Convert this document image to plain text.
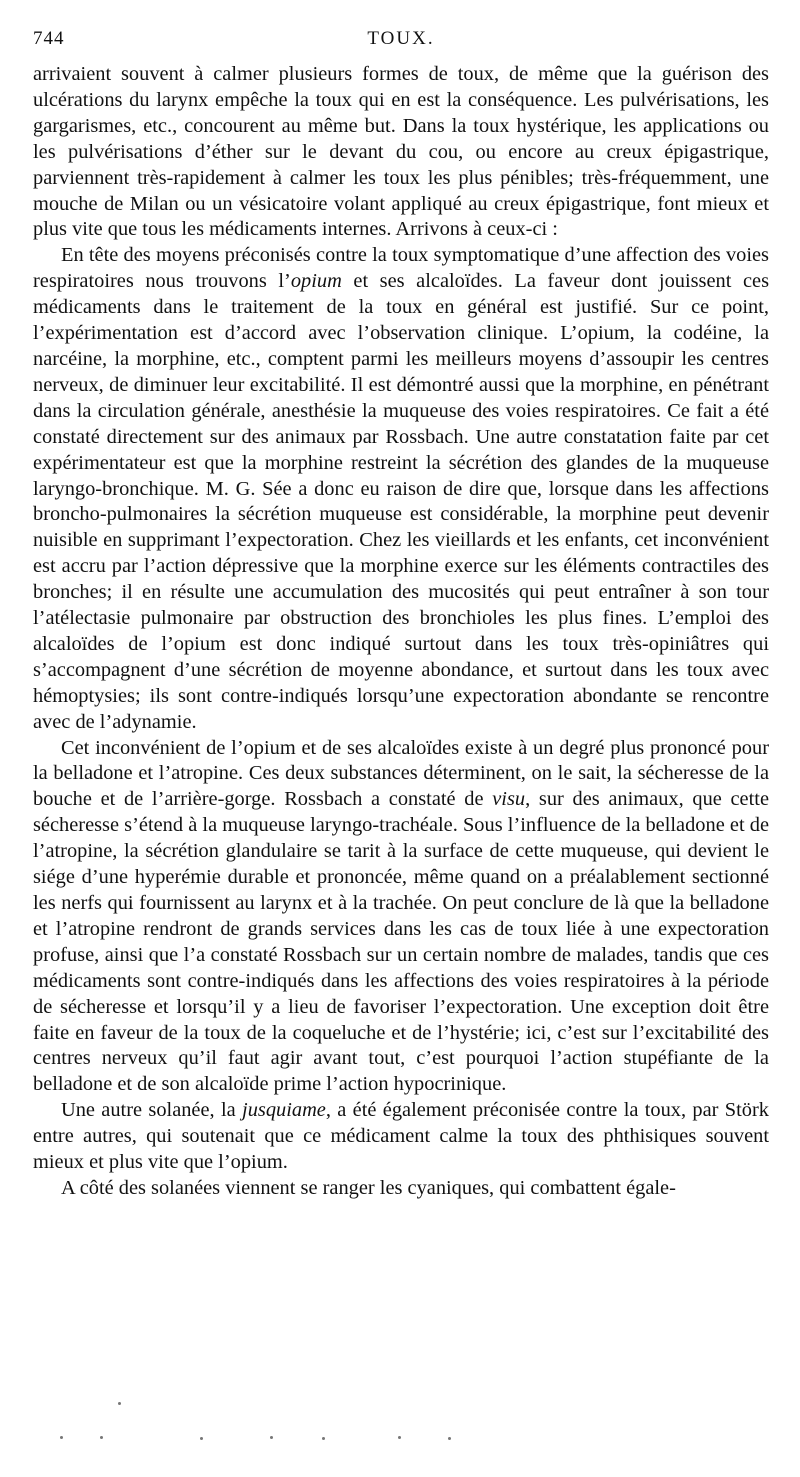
744	TOUX.

arrivaient souvent à calmer plusieurs formes de toux, de même que la guérison des ulcérations du larynx empêche la toux qui en est la conséquence. Les pulvérisations, les gargarismes, etc., concourent au même but. Dans la toux hystérique, les applications ou les pulvérisations d’éther sur le devant du cou, ou encore au creux épigastrique, parviennent très-rapidement à calmer les toux les plus pénibles; très-fréquemment, une mouche de Milan ou un vésicatoire volant appliqué au creux épigastrique, font mieux et plus vite que tous les médicaments internes. Arrivons à ceux-ci :

En tête des moyens préconisés contre la toux symptomatique d’une affection des voies respiratoires nous trouvons l’opium et ses alcaloïdes. La faveur dont jouissent ces médicaments dans le traitement de la toux en général est justifié. Sur ce point, l’expérimentation est d’accord avec l’observation clinique. L’opium, la codéine, la narcéine, la morphine, etc., comptent parmi les meilleurs moyens d’assoupir les centres nerveux, de diminuer leur excitabilité. Il est démontré aussi que la morphine, en pénétrant dans la circulation générale, anesthésie la muqueuse des voies respiratoires. Ce fait a été constaté directement sur des animaux par Rossbach. Une autre constatation faite par cet expérimentateur est que la morphine restreint la sécrétion des glandes de la muqueuse laryngo-bronchique. M. G. Sée a donc eu raison de dire que, lorsque dans les affections broncho-pulmonaires la sécrétion muqueuse est considérable, la morphine peut devenir nuisible en supprimant l’expectoration. Chez les vieillards et les enfants, cet inconvénient est accru par l’action dépressive que la morphine exerce sur les éléments contractiles des bronches; il en résulte une accumulation des mucosités qui peut entraîner à son tour l’atélectasie pulmonaire par obstruction des bronchioles les plus fines. L’emploi des alcaloïdes de l’opium est donc indiqué surtout dans les toux très-opiniâtres qui s’accompagnent d’une sécrétion de moyenne abondance, et surtout dans les toux avec hémoptysies; ils sont contre-indiqués lorsqu’une expectoration abondante se rencontre avec de l’adynamie.

Cet inconvénient de l’opium et de ses alcaloïdes existe à un degré plus prononcé pour la belladone et l’atropine. Ces deux substances déterminent, on le sait, la sécheresse de la bouche et de l’arrière-gorge. Rossbach a constaté de visu, sur des animaux, que cette sécheresse s’étend à la muqueuse laryngo-trachéale. Sous l’influence de la belladone et de l’atropine, la sécrétion glandulaire se tarit à la surface de cette muqueuse, qui devient le siége d’une hyperémie durable et prononcée, même quand on a préalablement sectionné les nerfs qui fournissent au larynx et à la trachée. On peut conclure de là que la belladone et l’atropine rendront de grands services dans les cas de toux liée à une expectoration profuse, ainsi que l’a constaté Rossbach sur un certain nombre de malades, tandis que ces médicaments sont contre-indiqués dans les affections des voies respiratoires à la période de sécheresse et lorsqu’il y a lieu de favoriser l’expectoration. Une exception doit être faite en faveur de la toux de la coqueluche et de l’hystérie; ici, c’est sur l’excitabilité des centres nerveux qu’il faut agir avant tout, c’est pourquoi l’action stupéfiante de la belladone et de son alcaloïde prime l’action hypocrinique.

Une autre solanée, la jusquiame, a été également préconisée contre la toux, par Störk entre autres, qui soutenait que ce médicament calme la toux des phthisiques souvent mieux et plus vite que l’opium.

A côté des solanées viennent se ranger les cyaniques, qui combattent égale-
